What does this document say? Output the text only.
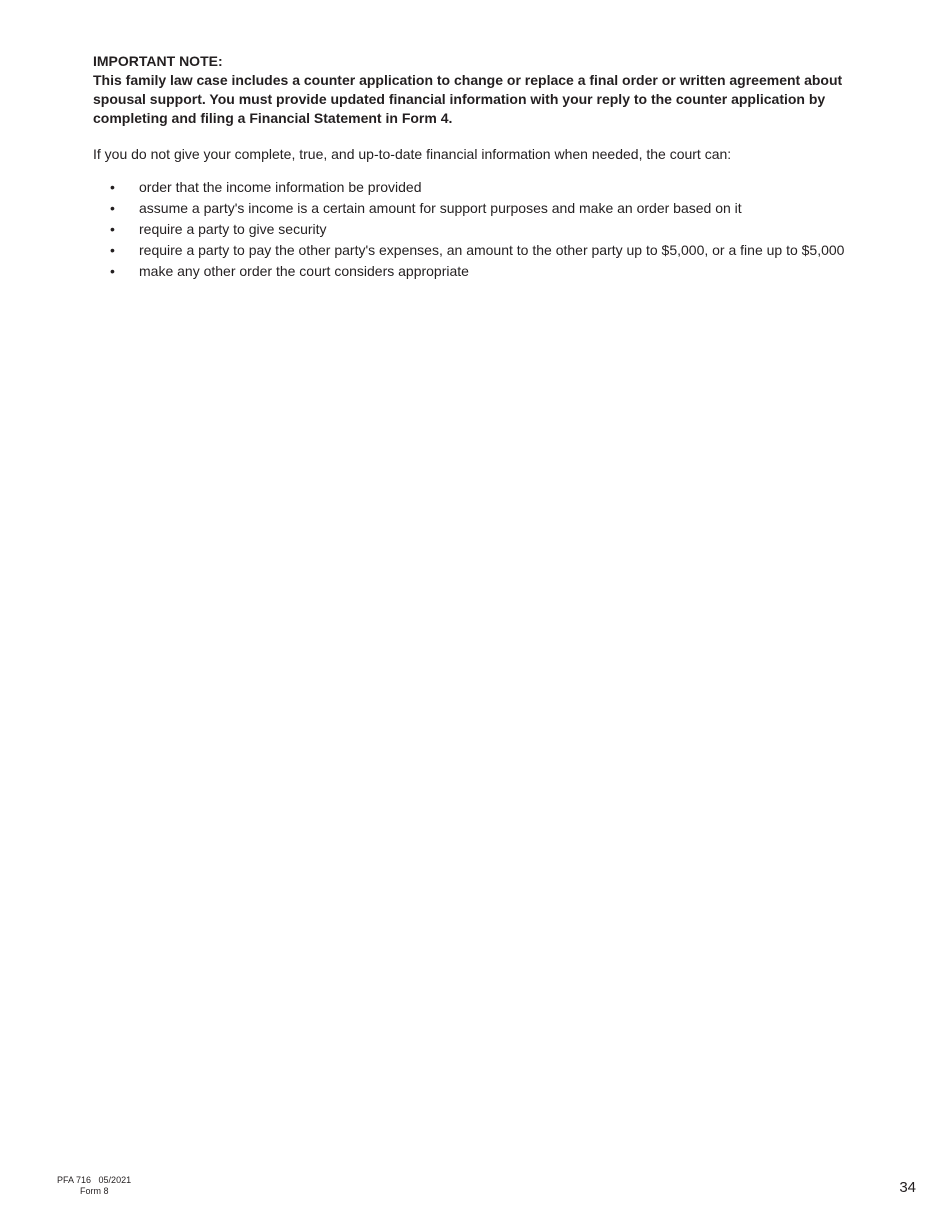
IMPORTANT NOTE:

This family law case includes a counter application to change or replace a final order or written agreement about spousal support. You must provide updated financial information with your reply to the counter application by completing and filing a Financial Statement in Form 4.

If you do not give your complete, true, and up-to-date financial information when needed, the court can:

• order that the income information be provided
• assume a party's income is a certain amount for support purposes and make an order based on it
• require a party to give security
• require a party to pay the other party's expenses, an amount to the other party up to $5,000, or a fine up to $5,000
• make any other order the court considers appropriate
PFA 716 05/2021
Form 8	34
